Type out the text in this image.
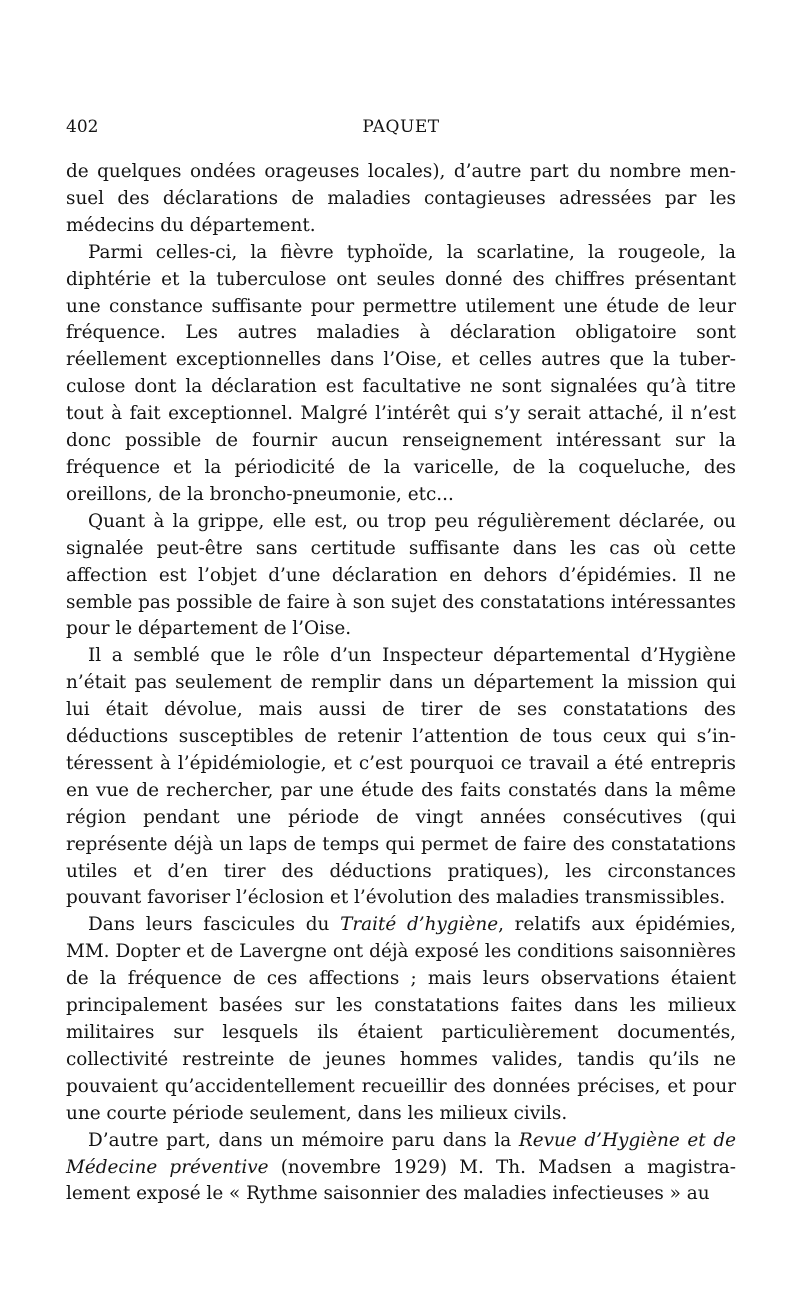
402	PAQUET

de quelques ondées orageuses locales), d’autre part du nombre mensuel des déclarations de maladies contagieuses adressées par les médecins du département.

Parmi celles-ci, la fièvre typhoïde, la scarlatine, la rougeole, la diphtérie et la tuberculose ont seules donné des chiffres présentant une constance suffisante pour permettre utilement une étude de leur fréquence. Les autres maladies à déclaration obligatoire sont réellement exceptionnelles dans l’Oise, et celles autres que la tuberculose dont la déclaration est facultative ne sont signalées qu’à titre tout à fait exceptionnel. Malgré l’intérêt qui s’y serait attaché, il n’est donc possible de fournir aucun renseignement intéressant sur la fréquence et la périodicité de la varicelle, de la coqueluche, des oreillons, de la broncho-pneumonie, etc...

Quant à la grippe, elle est, ou trop peu régulièrement déclarée, ou signalée peut-être sans certitude suffisante dans les cas où cette affection est l’objet d’une déclaration en dehors d’épidémies. Il ne semble pas possible de faire à son sujet des constatations intéressantes pour le département de l’Oise.

Il a semblé que le rôle d’un Inspecteur départemental d’Hygiène n’était pas seulement de remplir dans un département la mission qui lui était dévolue, mais aussi de tirer de ses constatations des déductions susceptibles de retenir l’attention de tous ceux qui s’intéressent à l’épidémiologie, et c’est pourquoi ce travail a été entrepris en vue de rechercher, par une étude des faits constatés dans la même région pendant une période de vingt années consécutives (qui représente déjà un laps de temps qui permet de faire des constatations utiles et d’en tirer des déductions pratiques), les circonstances pouvant favoriser l’éclosion et l’évolution des maladies transmissibles.

Dans leurs fascicules du Traité d’hygiène, relatifs aux épidémies, MM. Dopter et de Lavergne ont déjà exposé les conditions saisonnières de la fréquence de ces affections ; mais leurs observations étaient principalement basées sur les constatations faites dans les milieux militaires sur lesquels ils étaient particulièrement documentés, collectivité restreinte de jeunes hommes valides, tandis qu’ils ne pouvaient qu’accidentellement recueillir des données précises, et pour une courte période seulement, dans les milieux civils.

D’autre part, dans un mémoire paru dans la Revue d’Hygiène et de Médecine préventive (novembre 1929) M. Th. Madsen a magistralement exposé le « Rythme saisonnier des maladies infectieuses » au
